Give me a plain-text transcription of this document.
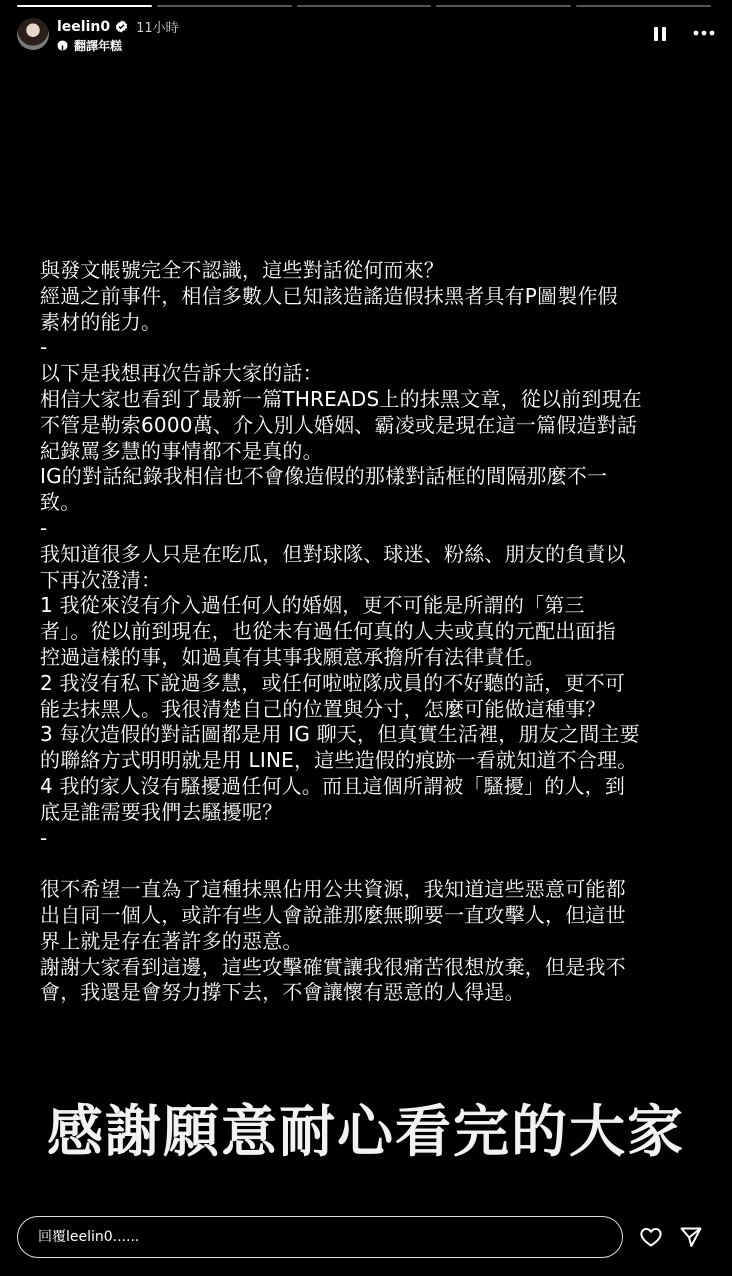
leelin0 11小時
翻譯年糕
與發文帳號完全不認識，這些對話從何而來？
經過之前事件，相信多數人已知該造謠造假抹黑者具有P圖製作假
素材的能力。
-
以下是我想再次告訴大家的話：
相信大家也看到了最新一篇THREADS上的抹黑文章，從以前到現在
不管是勒索6000萬、介入別人婚姻、霸凌或是現在這一篇假造對話
紀錄罵多慧的事情都不是真的。
IG的對話紀錄我相信也不會像造假的那樣對話框的間隔那麼不一
致。
-
我知道很多人只是在吃瓜，但對球隊、球迷、粉絲、朋友的負責以
下再次澄清：
1 我從來沒有介入過任何人的婚姻，更不可能是所謂的「第三
者」。從以前到現在，也從未有過任何真的人夫或真的元配出面指
控過這樣的事，如過真有其事我願意承擔所有法律責任。
2 我沒有私下說過多慧，或任何啦啦隊成員的不好聽的話，更不可
能去抹黑人。我很清楚自己的位置與分寸，怎麼可能做這種事？
3 每次造假的對話圖都是用 IG 聊天，但真實生活裡，朋友之間主要
的聯絡方式明明就是用 LINE，這些造假的痕跡一看就知道不合理。
4 我的家人沒有騷擾過任何人。而且這個所謂被「騷擾」的人，到
底是誰需要我們去騷擾呢？
-

很不希望一直為了這種抹黑佔用公共資源，我知道這些惡意可能都
出自同一個人，或許有些人會說誰那麼無聊要一直攻擊人，但這世
界上就是存在著許多的惡意。
謝謝大家看到這邊，這些攻擊確實讓我很痛苦很想放棄，但是我不
會，我還是會努力撐下去，不會讓懷有惡意的人得逞。
感謝願意耐心看完的大家
回覆leelin0......
